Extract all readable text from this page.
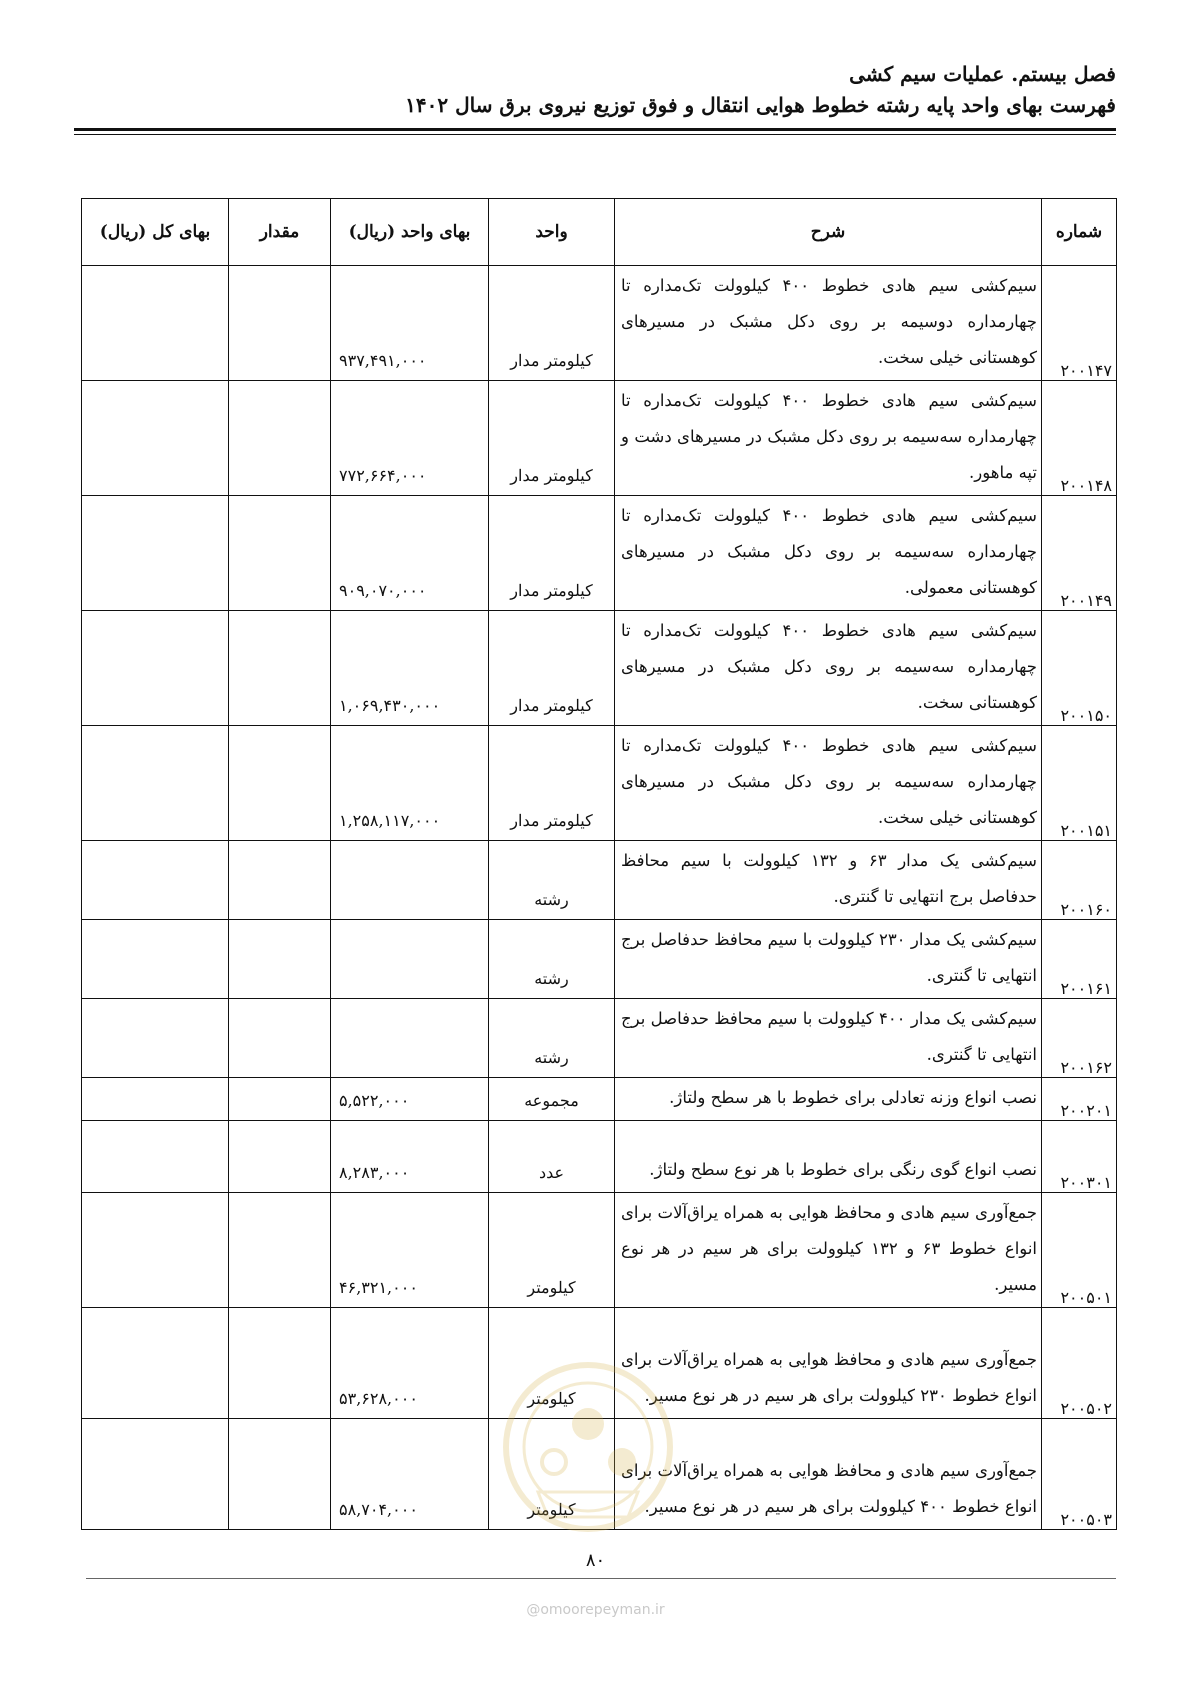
فصل بیستم. عملیات سیم کشی
فهرست بهای واحد پایه رشته خطوط هوایی انتقال و فوق توزیع نیروی برق سال ۱۴۰۲
شماره	شرح	واحد	بهای واحد (ریال)	مقدار	بهای کل (ریال)
۲۰۰۱۴۷	سیم‌کشی سیم هادی خطوط ۴۰۰ کیلوولت تک‌مداره تا چهارمداره دوسیمه بر روی دکل مشبک در مسیرهای کوهستانی خیلی سخت.	کیلومتر مدار	۹۳۷,۴۹۱,۰۰۰		
۲۰۰۱۴۸	سیم‌کشی سیم هادی خطوط ۴۰۰ کیلوولت تک‌مداره تا چهارمداره سه‌سیمه بر روی دکل مشبک در مسیرهای دشت و تپه ماهور.	کیلومتر مدار	۷۷۲,۶۶۴,۰۰۰		
۲۰۰۱۴۹	سیم‌کشی سیم هادی خطوط ۴۰۰ کیلوولت تک‌مداره تا چهارمداره سه‌سیمه بر روی دکل مشبک در مسیرهای کوهستانی معمولی.	کیلومتر مدار	۹۰۹,۰۷۰,۰۰۰		
۲۰۰۱۵۰	سیم‌کشی سیم هادی خطوط ۴۰۰ کیلوولت تک‌مداره تا چهارمداره سه‌سیمه بر روی دکل مشبک در مسیرهای کوهستانی سخت.	کیلومتر مدار	۱,۰۶۹,۴۳۰,۰۰۰		
۲۰۰۱۵۱	سیم‌کشی سیم هادی خطوط ۴۰۰ کیلوولت تک‌مداره تا چهارمداره سه‌سیمه بر روی دکل مشبک در مسیرهای کوهستانی خیلی سخت.	کیلومتر مدار	۱,۲۵۸,۱۱۷,۰۰۰		
۲۰۰۱۶۰	سیم‌کشی یک مدار ۶۳ و ۱۳۲ کیلوولت با سیم محافظ حدفاصل برج انتهایی تا گنتری.	رشته			
۲۰۰۱۶۱	سیم‌کشی یک مدار ۲۳۰ کیلوولت با سیم محافظ حدفاصل برج انتهایی تا گنتری.	رشته			
۲۰۰۱۶۲	سیم‌کشی یک مدار ۴۰۰ کیلوولت با سیم محافظ حدفاصل برج انتهایی تا گنتری.	رشته			
۲۰۰۲۰۱	نصب انواع وزنه تعادلی برای خطوط با هر سطح ولتاژ.	مجموعه	۵,۵۲۲,۰۰۰		
۲۰۰۳۰۱	نصب انواع گوی رنگی برای خطوط با هر نوع سطح ولتاژ.	عدد	۸,۲۸۳,۰۰۰		
۲۰۰۵۰۱	جمع‌آوری سیم هادی و محافظ هوایی به همراه یراق‌آلات برای انواع خطوط ۶۳ و ۱۳۲ کیلوولت برای هر سیم در هر نوع مسیر.	کیلومتر	۴۶,۳۲۱,۰۰۰		
۲۰۰۵۰۲	جمع‌آوری سیم هادی و محافظ هوایی به همراه یراق‌آلات برای انواع خطوط ۲۳۰ کیلوولت برای هر سیم در هر نوع مسیر.	کیلومتر	۵۳,۶۲۸,۰۰۰		
۲۰۰۵۰۳	جمع‌آوری سیم هادی و محافظ هوایی به همراه یراق‌آلات برای انواع خطوط ۴۰۰ کیلوولت برای هر سیم در هر نوع مسیر.	کیلومتر	۵۸,۷۰۴,۰۰۰		
۸۰
@omoorepeyman.ir
